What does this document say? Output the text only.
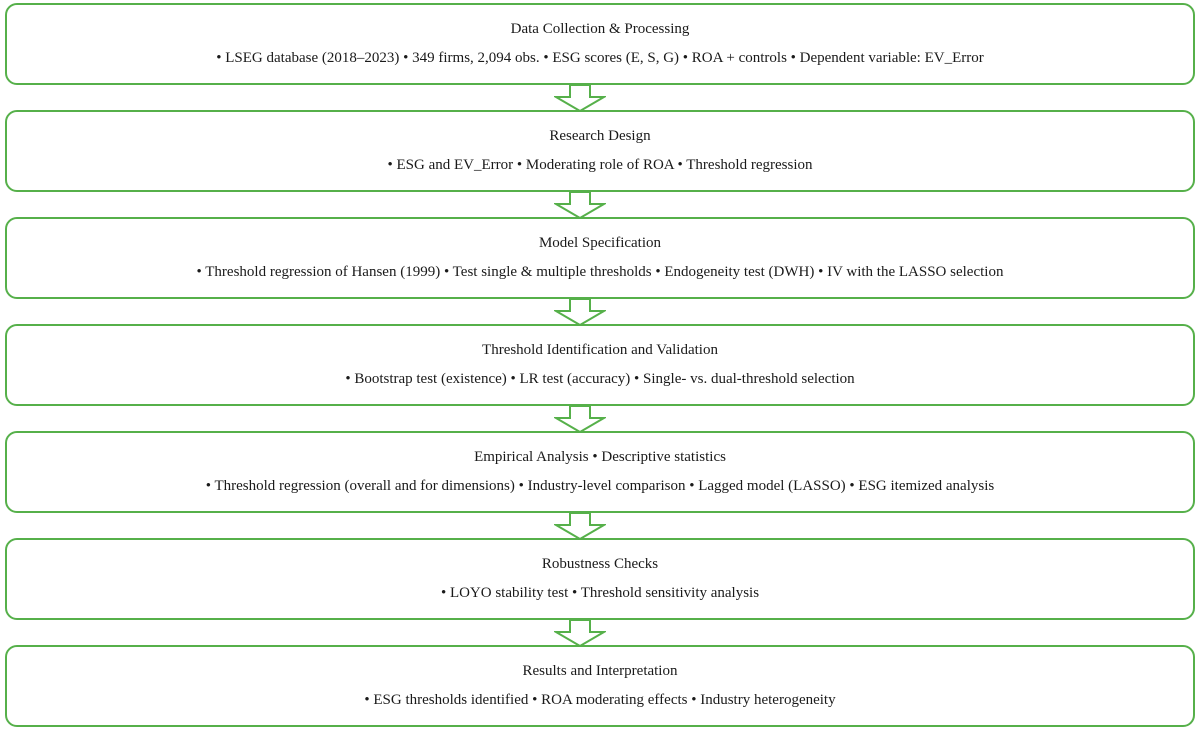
Data Collection & Processing
• LSEG database (2018–2023) • 349 firms, 2,094 obs. • ESG scores (E, S, G) • ROA + controls • Dependent variable: EV_Error
Research Design
• ESG and EV_Error • Moderating role of ROA • Threshold regression
Model Specification
• Threshold regression of Hansen (1999) • Test single & multiple thresholds • Endogeneity test (DWH) • IV with the LASSO selection
Threshold Identification and Validation
• Bootstrap test (existence) • LR test (accuracy) • Single- vs. dual-threshold selection
Empirical Analysis • Descriptive statistics
• Threshold regression (overall and for dimensions) • Industry-level comparison • Lagged model (LASSO) • ESG itemized analysis
Robustness Checks
• LOYO stability test • Threshold sensitivity analysis
Results and Interpretation
• ESG thresholds identified • ROA moderating effects • Industry heterogeneity
